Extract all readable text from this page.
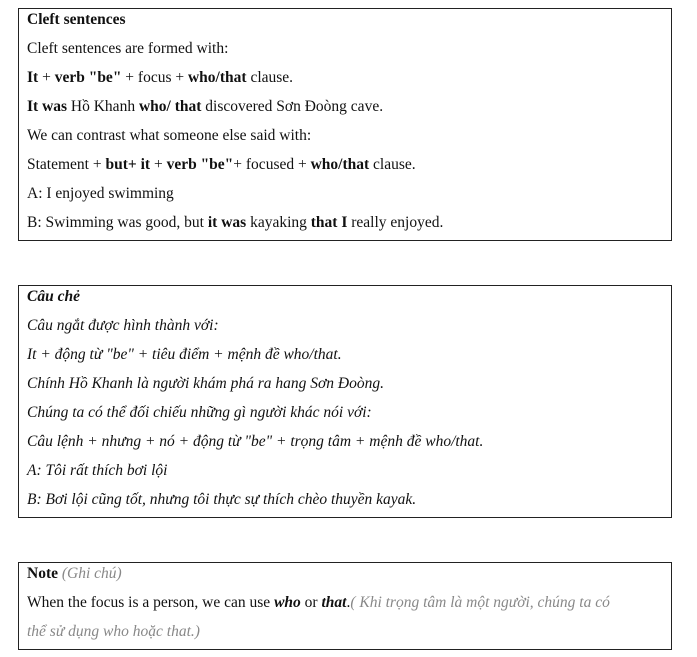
Cleft sentences
Cleft sentences are formed with:
It + verb "be" + focus + who/that clause.
It was Hồ Khanh who/ that discovered Sơn Đoòng cave.
We can contrast what someone else said with:
Statement + but+ it + verb "be"+ focused + who/that clause.
A: I enjoyed swimming
B: Swimming was good, but it was kayaking that I really enjoyed.
Câu chẻ
Câu ngắt được hình thành với:
It + động từ "be" + tiêu điểm + mệnh đề who/that.
Chính Hồ Khanh là người khám phá ra hang Sơn Đoòng.
Chúng ta có thể đối chiếu những gì người khác nói với:
Câu lệnh + nhưng + nó + động từ "be" + trọng tâm + mệnh đề who/that.
A: Tôi rất thích bơi lội
B: Bơi lội cũng tốt, nhưng tôi thực sự thích chèo thuyền kayak.
Note (Ghi chú)
When the focus is a person, we can use who or that.( Khi trọng tâm là một người, chúng ta có
thể sử dụng who hoặc that.)
